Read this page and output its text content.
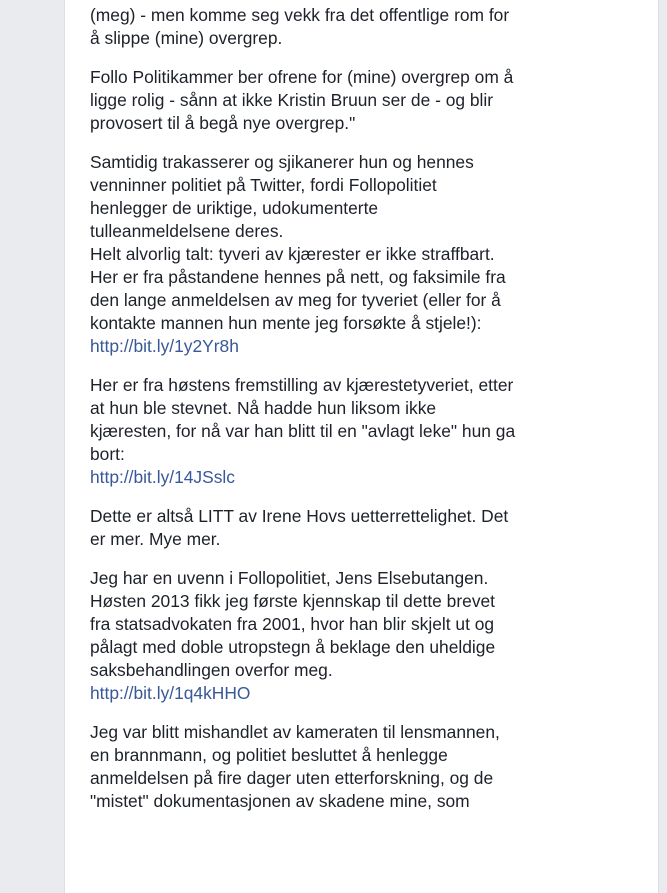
(meg) - men komme seg vekk fra det offentlige rom for
å slippe (mine) overgrep.

Follo Politikammer ber ofrene for (mine) overgrep om å
ligge rolig - sånn at ikke Kristin Bruun ser de - og blir
provosert til å begå nye overgrep."

Samtidig trakasserer og sjikanerer hun og hennes
venninner politiet på Twitter, fordi Follopolitiet
henlegger de uriktige, udokumenterte
tulleanmeldelsene deres.
Helt alvorlig talt: tyveri av kjærester er ikke straffbart.
Her er fra påstandene hennes på nett, og faksimile fra
den lange anmeldelsen av meg for tyveriet (eller for å
kontakte mannen hun mente jeg forsøkte å stjele!):
http://bit.ly/1y2Yr8h

Her er fra høstens fremstilling av kjærestetyveriet, etter
at hun ble stevnet. Nå hadde hun liksom ikke
kjæresten, for nå var han blitt til en "avlagt leke" hun ga
bort:
http://bit.ly/14JSslc

Dette er altså LITT av Irene Hovs uetterrettelighet. Det
er mer. Mye mer.

Jeg har en uvenn i Follopolitiet, Jens Elsebutangen.
Høsten 2013 fikk jeg første kjennskap til dette brevet
fra statsadvokaten fra 2001, hvor han blir skjelt ut og
pålagt med doble utropstegn å beklage den uheldige
saksbehandlingen overfor meg.
http://bit.ly/1q4kHHO

Jeg var blitt mishandlet av kameraten til lensmannen,
en brannmann, og politiet besluttet å henlegge
anmeldelsen på fire dager uten etterforskning, og de
"mistet" dokumentasjonen av skadene mine, som
